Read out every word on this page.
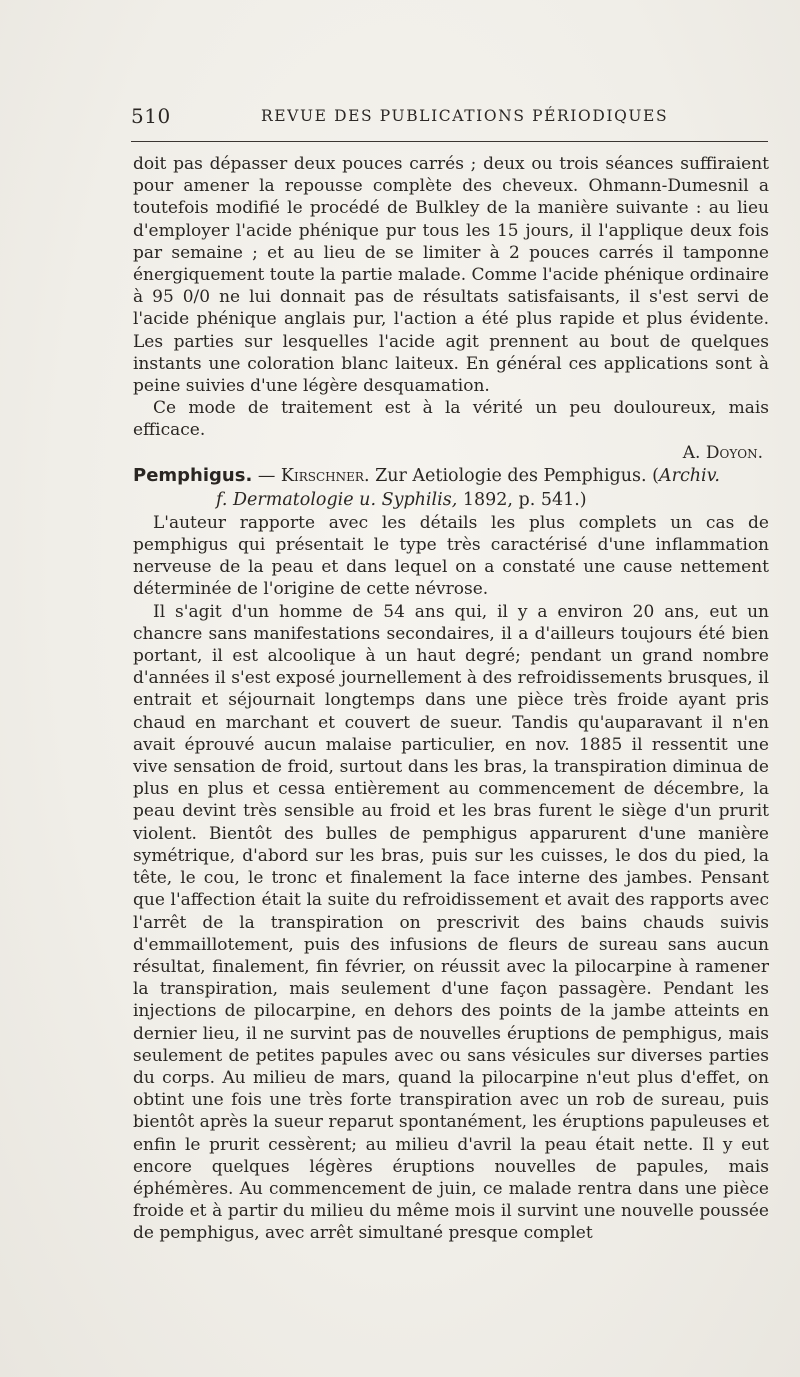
510	REVUE DES PUBLICATIONS PÉRIODIQUES

doit pas dépasser deux pouces carrés ; deux ou trois séances suffiraient pour amener la repousse complète des cheveux. Ohmann-Dumesnil a toutefois modifié le procédé de Bulkley de la manière suivante : au lieu d'employer l'acide phénique pur tous les 15 jours, il l'applique deux fois par semaine ; et au lieu de se limiter à 2 pouces carrés il tamponne énergiquement toute la partie malade. Comme l'acide phénique ordinaire à 95 0/0 ne lui donnait pas de résultats satisfaisants, il s'est servi de l'acide phénique anglais pur, l'action a été plus rapide et plus évidente. Les parties sur lesquelles l'acide agit prennent au bout de quelques instants une coloration blanc laiteux. En général ces applications sont à peine suivies d'une légère desquamation.

Ce mode de traitement est à la vérité un peu douloureux, mais efficace.

A. Doyon.

Pemphigus. — Kirschner. Zur Aetiologie des Pemphigus. (Archiv.
f. Dermatologie u. Syphilis, 1892, p. 541.)

L'auteur rapporte avec les détails les plus complets un cas de pemphigus qui présentait le type très caractérisé d'une inflammation nerveuse de la peau et dans lequel on a constaté une cause nettement déterminée de l'origine de cette névrose.

Il s'agit d'un homme de 54 ans qui, il y a environ 20 ans, eut un chancre sans manifestations secondaires, il a d'ailleurs toujours été bien portant, il est alcoolique à un haut degré; pendant un grand nombre d'années il s'est exposé journellement à des refroidissements brusques, il entrait et séjournait longtemps dans une pièce très froide ayant pris chaud en marchant et couvert de sueur. Tandis qu'auparavant il n'en avait éprouvé aucun malaise particulier, en nov. 1885 il ressentit une vive sensation de froid, surtout dans les bras, la transpiration diminua de plus en plus et cessa entièrement au commencement de décembre, la peau devint très sensible au froid et les bras furent le siège d'un prurit violent. Bientôt des bulles de pemphigus apparurent d'une manière symétrique, d'abord sur les bras, puis sur les cuisses, le dos du pied, la tête, le cou, le tronc et finalement la face interne des jambes. Pensant que l'affection était la suite du refroidissement et avait des rapports avec l'arrêt de la transpiration on prescrivit des bains chauds suivis d'emmaillotement, puis des infusions de fleurs de sureau sans aucun résultat, finalement, fin février, on réussit avec la pilocarpine à ramener la transpiration, mais seulement d'une façon passagère. Pendant les injections de pilocarpine, en dehors des points de la jambe atteints en dernier lieu, il ne survint pas de nouvelles éruptions de pemphigus, mais seulement de petites papules avec ou sans vésicules sur diverses parties du corps. Au milieu de mars, quand la pilocarpine n'eut plus d'effet, on obtint une fois une très forte transpiration avec un rob de sureau, puis bientôt après la sueur reparut spontanément, les éruptions papuleuses et enfin le prurit cessèrent; au milieu d'avril la peau était nette. Il y eut encore quelques légères éruptions nouvelles de papules, mais éphémères. Au commencement de juin, ce malade rentra dans une pièce froide et à partir du milieu du même mois il survint une nouvelle poussée de pemphigus, avec arrêt simultané presque complet
